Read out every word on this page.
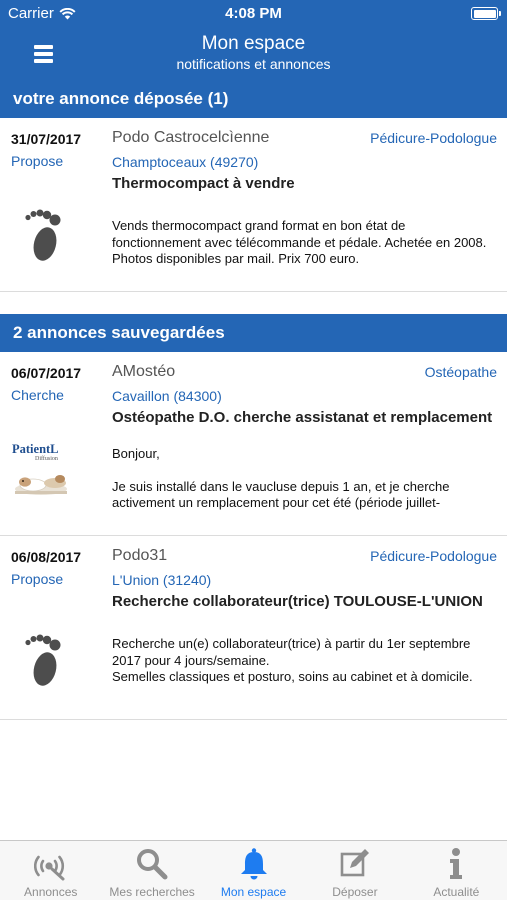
Carrier	4:08 PM
Mon espace
notifications et annonces
votre annonce déposée (1)
31/07/2017
Propose
Podo Castrocelcìenne	Pédicure-Podologue
Champtoceaux (49270)
Thermocompact à vendre
Vends thermocompact grand format en bon état de fonctionnement avec télécommande et pédale. Achetée en 2008. Photos disponibles par mail. Prix 700 euro.
2 annonces sauvegardées
06/07/2017
Cherche
AMostéo	Ostéopathe
Cavaillon (84300)
Ostéopathe D.O. cherche assistanat et remplacement
PatientL
Diffusion	Bonjour,
Je suis installé dans le vaucluse depuis 1 an, et je cherche activement un remplacement pour cet été (période juillet-
06/08/2017
Propose
Podo31	Pédicure-Podologue
L'Union (31240)
Recherche collaborateur(trice) TOULOUSE-L'UNION
Recherche un(e) collaborateur(trice) à partir du 1er septembre 2017 pour 4 jours/semaine.
Semelles classiques et posturo, soins au cabinet et à domicile.
Annonces	Mes recherches	Mon espace	Déposer	Actualité
